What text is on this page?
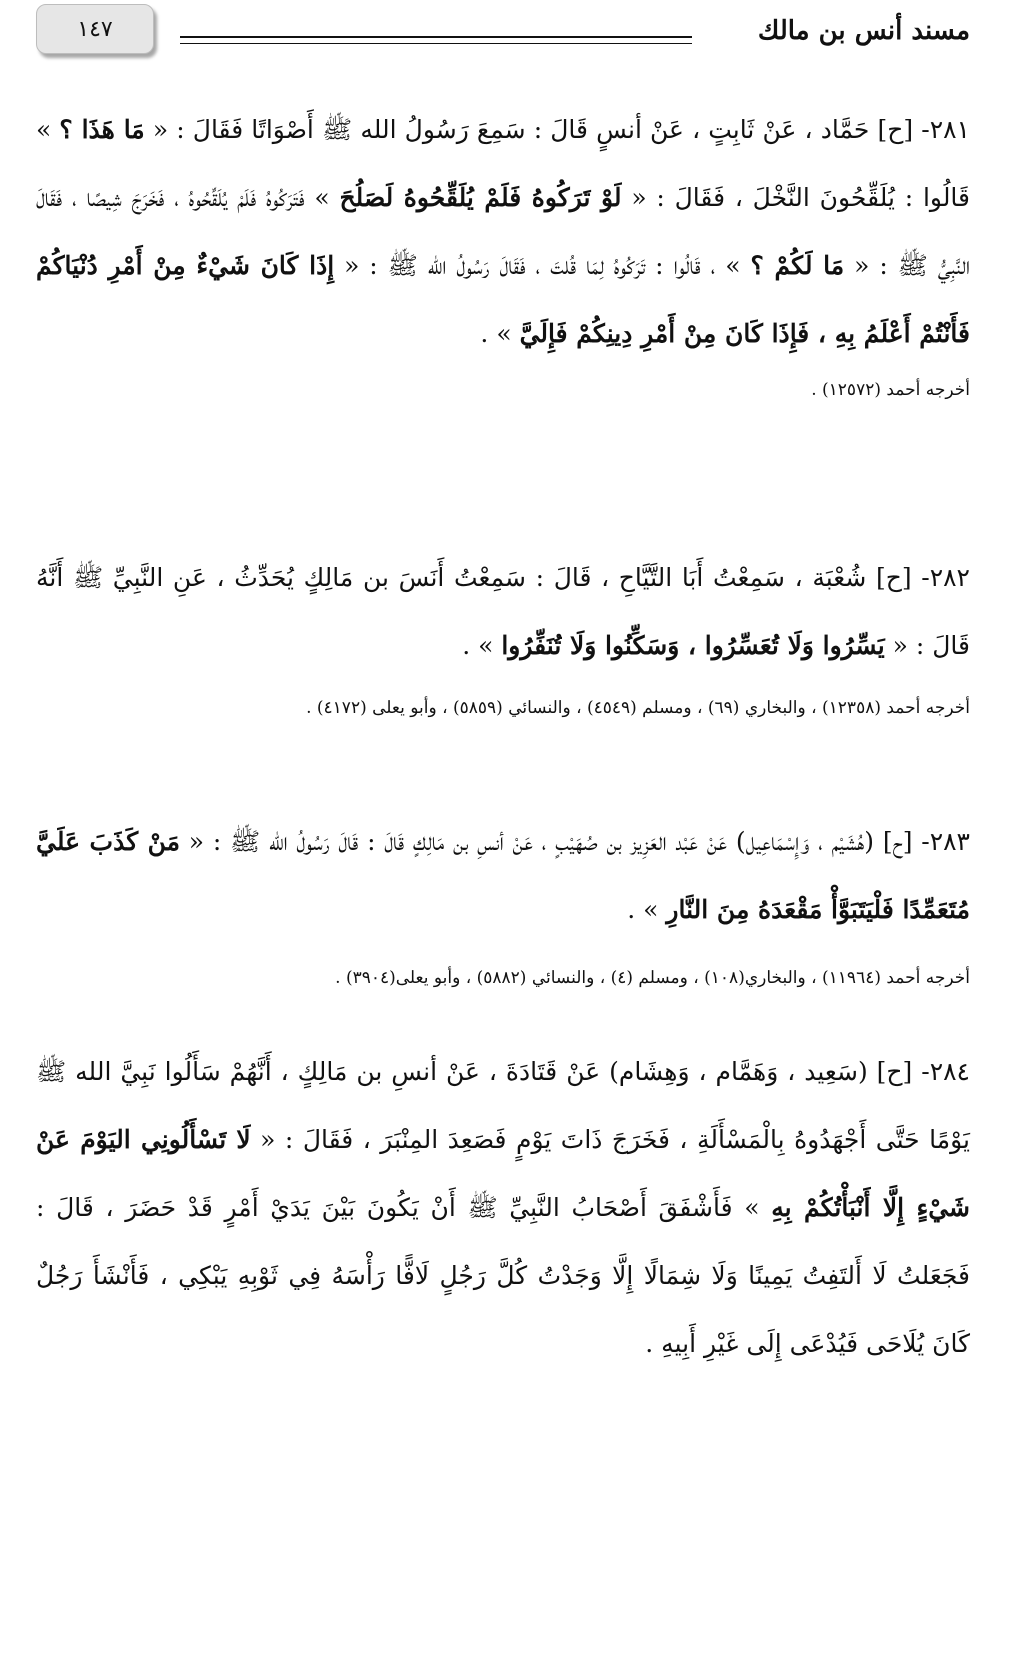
مسند أنس بن مالك
١٤٧

٢٨١- [ح] حَمَّاد ، عَنْ ثَابِتٍ ، عَنْ أنسٍ قَالَ : سَمِعَ رَسُولُ الله ﷺ أَصْوَاتًا فَقَالَ : « مَا هَذَا ؟ » قَالُوا : يُلَقِّحُونَ النَّخْلَ ، فَقَالَ : « لَوْ تَرَكُوهُ فَلَمْ يُلَقِّحُوهُ لَصَلُحَ » فَتَرَكُوهُ فَلَمْ يُلَقِّحُوهُ ، فَخَرَجَ شِيصًا ، فَقَالَ النَّبِيُّ ﷺ : « مَا لَكُمْ ؟ » ، قَالُوا : تَرَكُوهُ لِمَا قُلتَ ، فَقَالَ رَسُولُ الله ﷺ : « إِذَا كَانَ شَيْءٌ مِنْ أَمْرِ دُنْيَاكُمْ فَأَنْتُمْ أَعْلَمُ بِهِ ، فَإِذَا كَانَ مِنْ أَمْرِ دِينِكُمْ فَإِلَيَّ » .

أخرجه أحمد (١٢٥٧٢) .

٢٨٢- [ح] شُعْبَة ، سَمِعْتُ أَبَا التَّيَّاحِ ، قَالَ : سَمِعْتُ أَنَسَ بن مَالِكٍ يُحَدِّثُ ، عَنِ النَّبِيِّ ﷺ أَنَّهُ قَالَ : « يَسِّرُوا وَلَا تُعَسِّرُوا ، وَسَكِّنُوا وَلَا تُنَفِّرُوا » .

أخرجه أحمد (١٢٣٥٨) ، والبخاري (٦٩) ، ومسلم (٤٥٤٩) ، والنسائي (٥٨٥٩) ، وأبو يعلى (٤١٧٢) .

٢٨٣- [ح] (هُشَيْم ، وَإِسْمَاعِيل) عَنْ عَبْد العَزِيز بن صُهَيْبٍ ، عَنْ أنسِ بن مَالِكٍ قَالَ : قَالَ رَسُولُ الله ﷺ : « مَنْ كَذَبَ عَلَيَّ مُتَعَمِّدًا فَلْيَتَبَوَّأْ مَقْعَدَهُ مِنَ النَّارِ » .

أخرجه أحمد (١١٩٦٤) ، والبخاري(١٠٨) ، ومسلم (٤) ، والنسائي (٥٨٨٢) ، وأبو يعلى(٣٩٠٤) .

٢٨٤- [ح] (سَعِيد ، وَهَمَّام ، وَهِشَام) عَنْ قَتَادَةَ ، عَنْ أنسِ بن مَالِكٍ ، أَنَّهُمْ سَأَلُوا نَبِيَّ الله ﷺ يَوْمًا حَتَّى أَجْهَدُوهُ بِالْمَسْأَلَةِ ، فَخَرَجَ ذَاتَ يَوْمٍ فَصَعِدَ المِنْبَرَ ، فَقَالَ : « لَا تَسْأَلُونِي اليَوْمَ عَنْ شَيْءٍ إِلَّا أَنْبَأْتُكُمْ بِهِ » فَأَشْفَقَ أَصْحَابُ النَّبِيِّ ﷺ أَنْ يَكُونَ بَيْنَ يَدَيْ أَمْرٍ قَدْ حَضَرَ ، قَالَ : فَجَعَلتُ لَا أَلتَفِتُ يَمِينًا وَلَا شِمَالًا إِلَّا وَجَدْتُ كُلَّ رَجُلٍ لَافًّا رَأْسَهُ فِي ثَوْبِهِ يَبْكِي ، فَأَنْشَأَ رَجُلٌ كَانَ يُلَاحَى فَيُدْعَى إِلَى غَيْرِ أَبِيهِ .
